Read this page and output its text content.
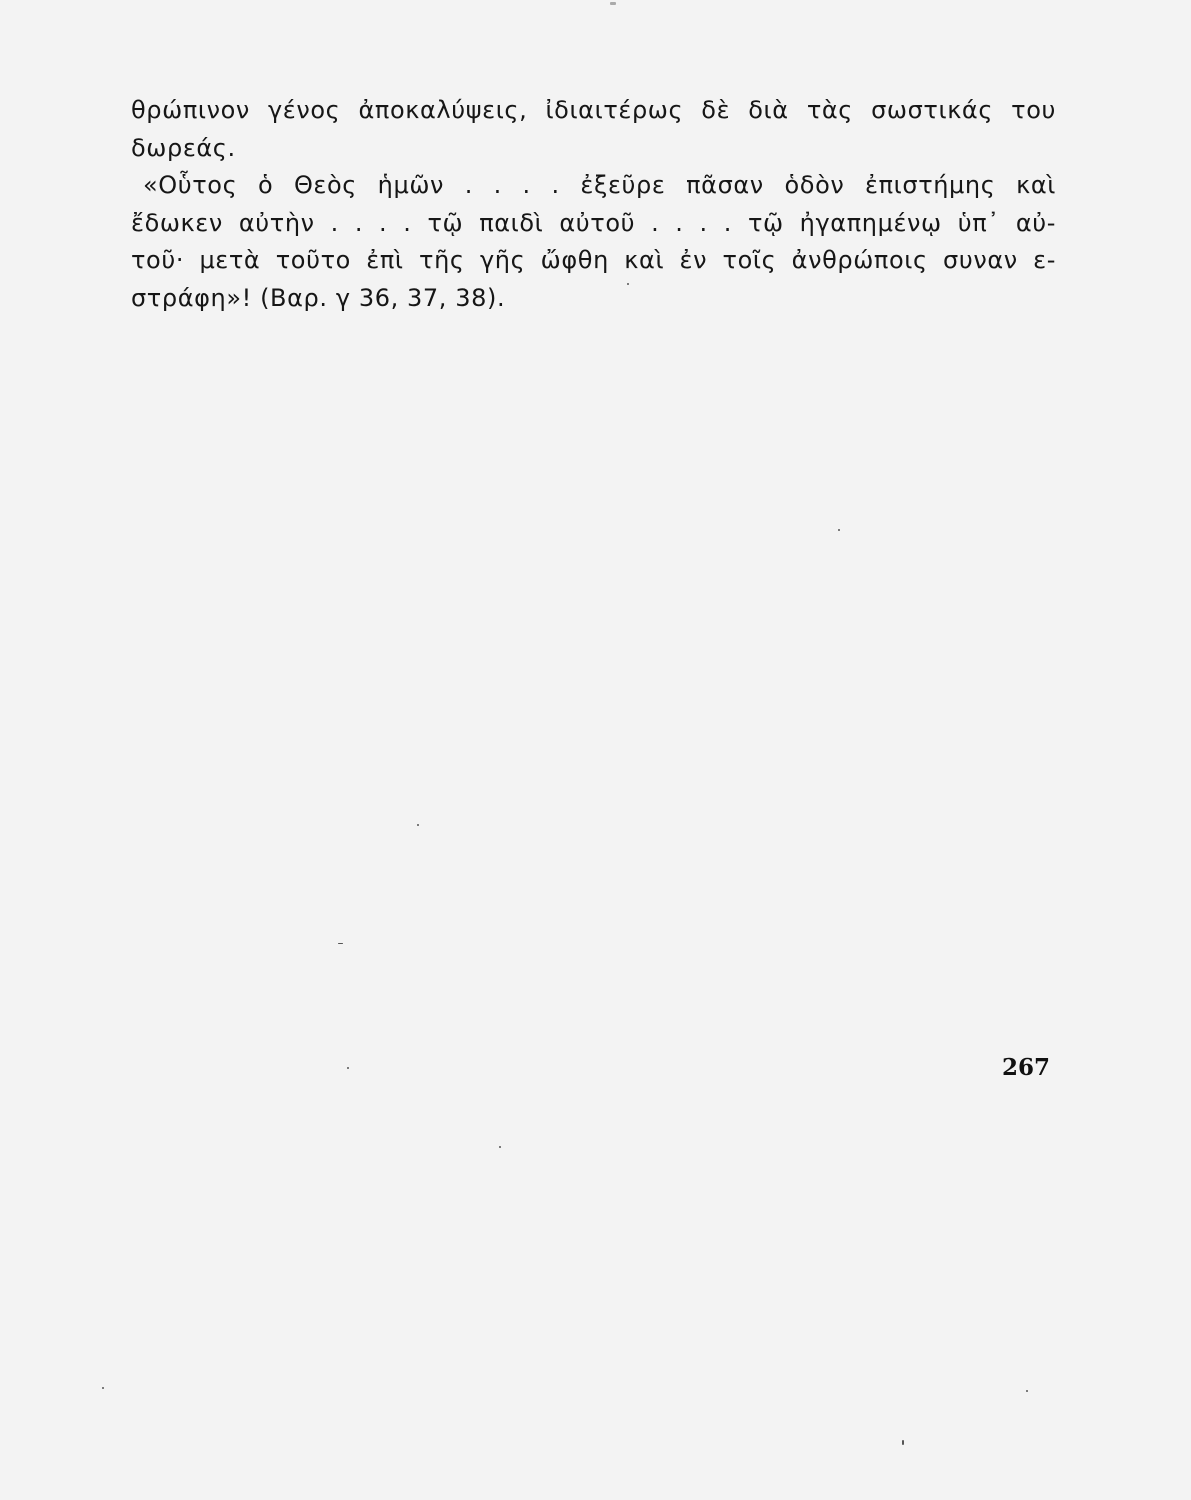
θρώπινον γένος ἀποκαλύψεις, ἰδιαιτέρως δὲ διὰ τὰς σωστικάς του
δωρεάς.
«Οὗτος ὁ Θεὸς ἡμῶν . . . . ἐξεῦρε πᾶσαν ὁδὸν ἐπιστήμης καὶ
ἔδωκεν αὐτὴν . . . . τῷ παιδὶ αὐτοῦ . . . . τῷ ἠγαπημένῳ ὑπ᾽ αὐ-
τοῦ· μετὰ τοῦτο ἐπὶ τῆς γῆς ὤφθη καὶ ἐν τοῖς ἀνθρώποις συναν ε-
στράφη»! (Βαρ. γ 36, 37, 38).
267
